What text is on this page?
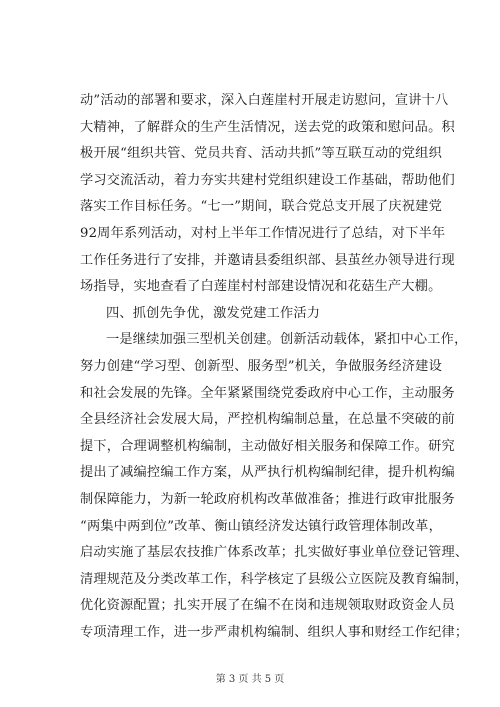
动”活动的部署和要求，深入白莲崖村开展走访慰问，宣讲十八
大精神，了解群众的生产生活情况，送去党的政策和慰问品。积
极开展“组织共管、党员共育、活动共抓”等互联互动的党组织
学习交流活动，着力夯实共建村党组织建设工作基础，帮助他们
落实工作目标任务。“七一”期间，联合党总支开展了庆祝建党
92周年系列活动，对村上半年工作情况进行了总结，对下半年
工作任务进行了安排，并邀请县委组织部、县茧丝办领导进行现
场指导，实地查看了白莲崖村村部建设情况和花菇生产大棚。
四、抓创先争优，激发党建工作活力
一是继续加强三型机关创建。创新活动载体，紧扣中心工作，
努力创建“学习型、创新型、服务型”机关，争做服务经济建设
和社会发展的先锋。全年紧紧围绕党委政府中心工作，主动服务
全县经济社会发展大局，严控机构编制总量，在总量不突破的前
提下，合理调整机构编制，主动做好相关服务和保障工作。研究
提出了减编控编工作方案，从严执行机构编制纪律，提升机构编
制保障能力，为新一轮政府机构改革做准备；推进行政审批服务
“两集中两到位”改革、衡山镇经济发达镇行政管理体制改革，
启动实施了基层农技推广体系改革；扎实做好事业单位登记管理、
清理规范及分类改革工作，科学核定了县级公立医院及教育编制，
优化资源配置；扎实开展了在编不在岗和违规领取财政资金人员
专项清理工作，进一步严肃机构编制、组织人事和财经工作纪律；
第 3 页 共 5 页
